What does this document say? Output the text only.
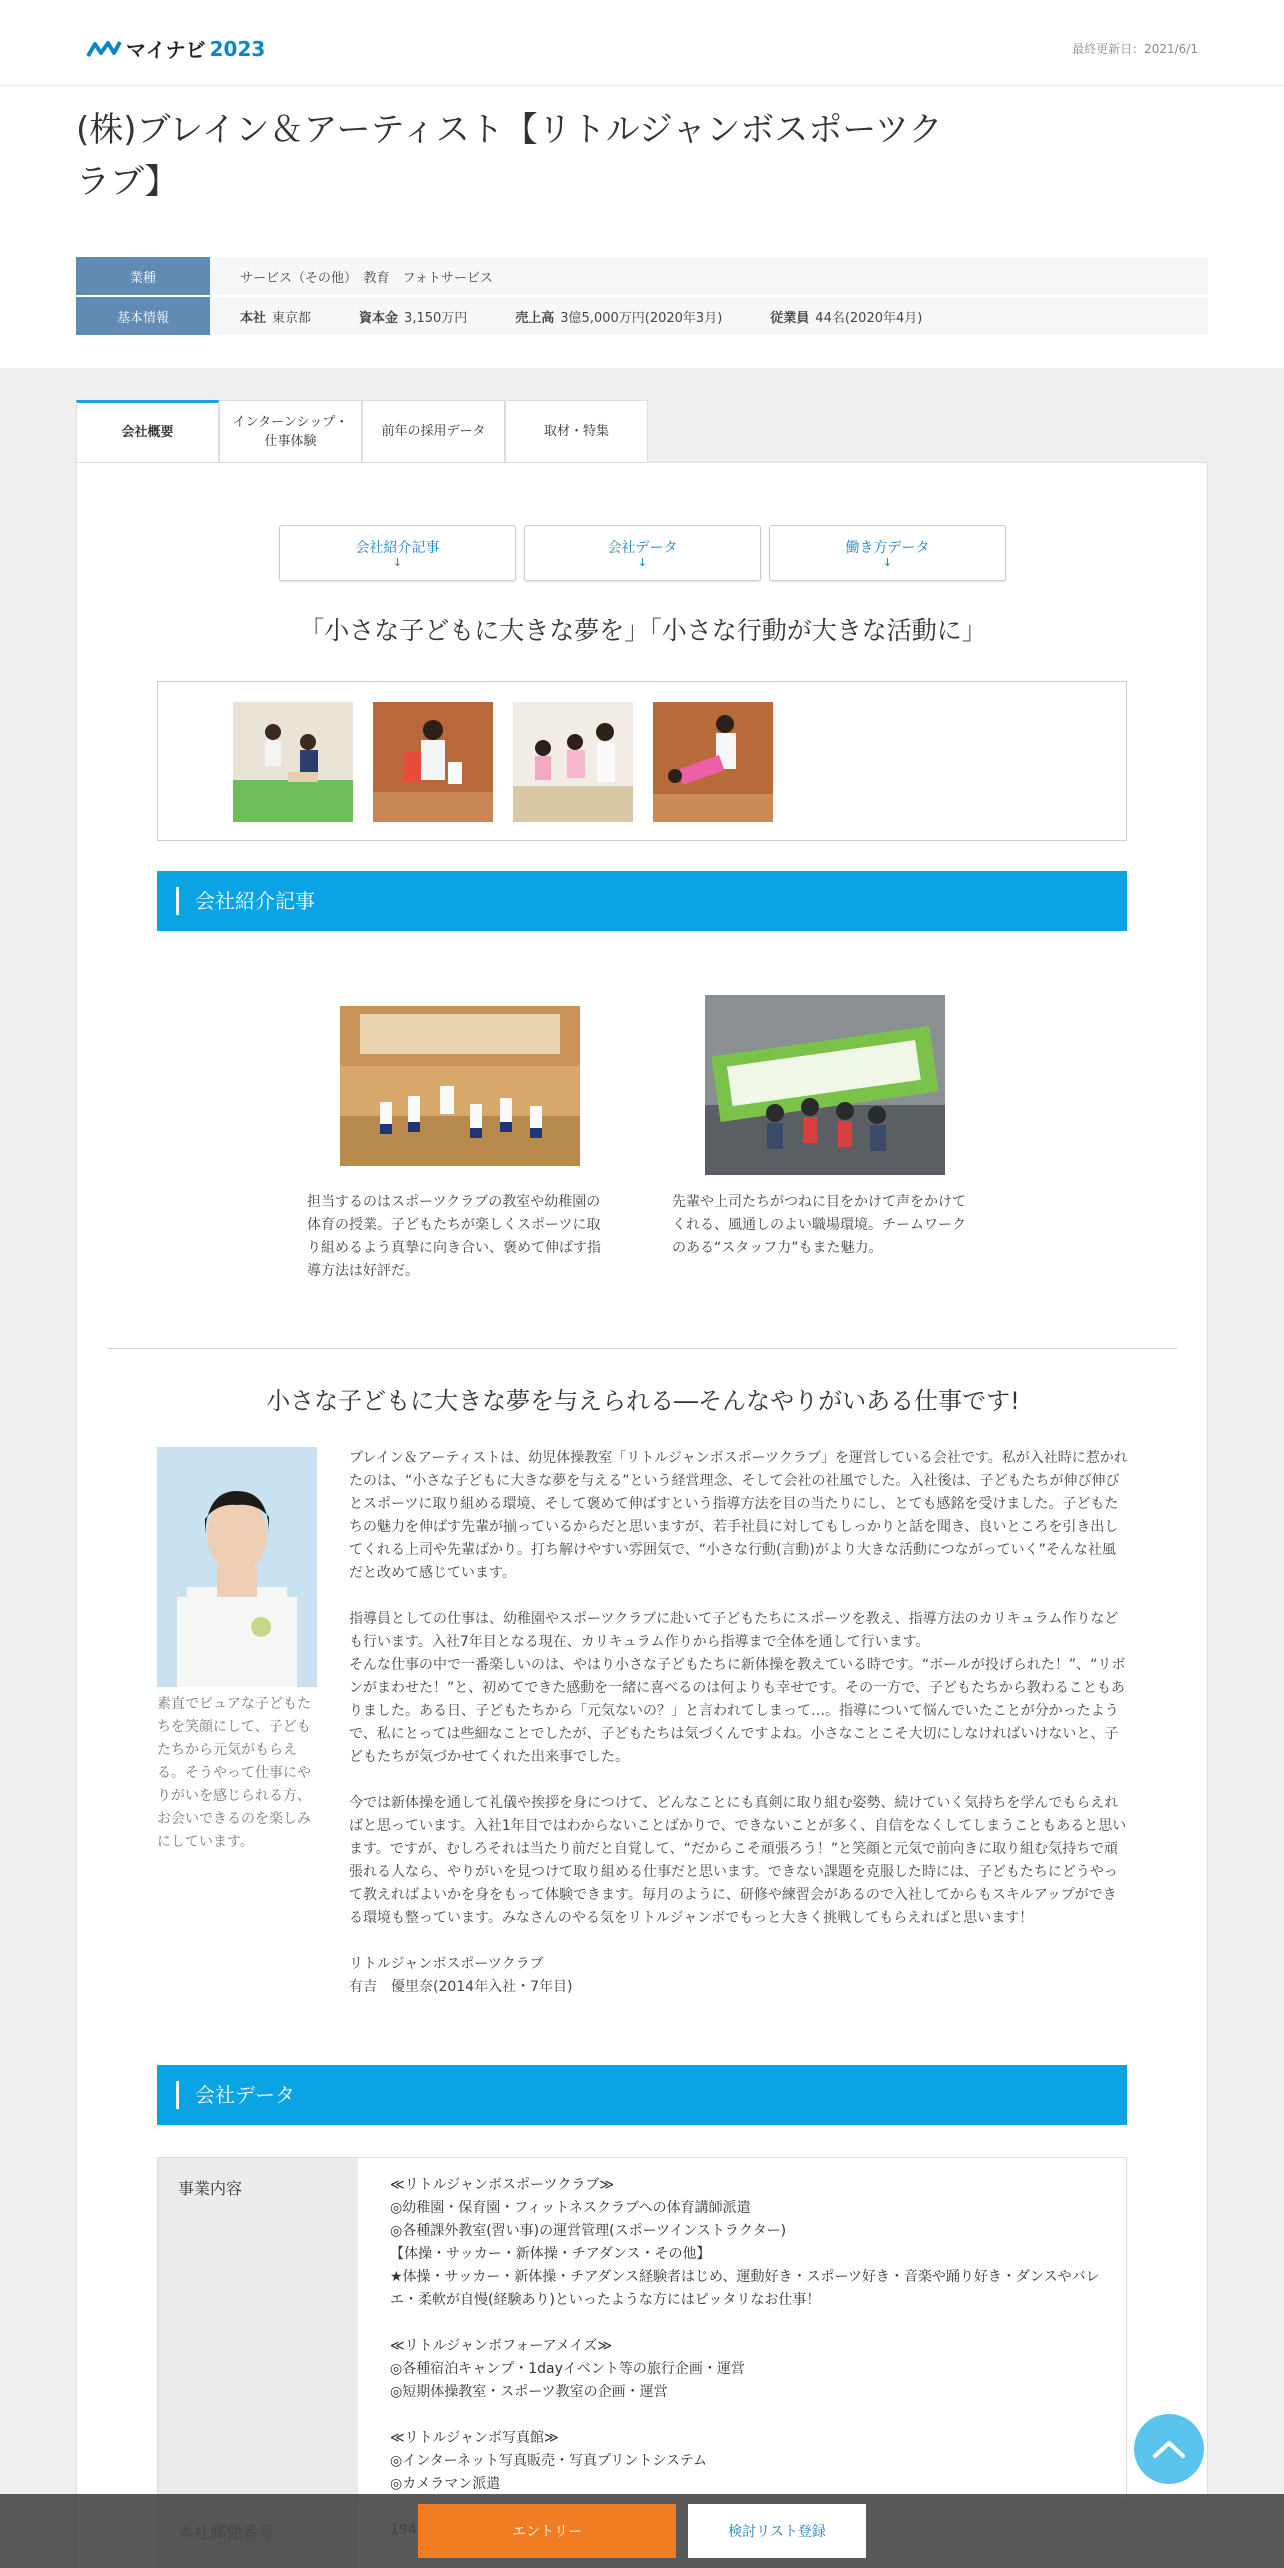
マイナビ 2023	最終更新日：2021/6/1
(株)ブレイン＆アーティスト【リトルジャンボスポーツクラブ】
業種	サービス（その他）　教育　フォトサービス
基本情報	本社 東京都	資本金 3,150万円	売上高 3億5,000万円(2020年3月)	従業員 44名(2020年4月)
会社概要
インターンシップ・
仕事体験
前年の採用データ	取材・特集
会社紹介記事
↓
会社データ
↓
働き方データ
↓
「小さな子どもに大きな夢を」「小さな行動が大きな活動に」
会社紹介記事
担当するのはスポーツクラブの教室や幼稚園の体育の授業。子どもたちが楽しくスポーツに取り組めるよう真摯に向き合い、褒めて伸ばす指導方法は好評だ。
先輩や上司たちがつねに目をかけて声をかけてくれる、風通しのよい職場環境。チームワークのある“スタッフ力”もまた魅力。
小さな子どもに大きな夢を与えられる―そんなやりがいある仕事です!
素直でピュアな子どもたちを笑顔にして、子どもたちから元気がもらえる。そうやって仕事にやりがいを感じられる方、お会いできるのを楽しみにしています。

ブレイン＆アーティストは、幼児体操教室「リトルジャンボスポーツクラブ」を運営している会社です。私が入社時に惹かれたのは、“小さな子どもに大きな夢を与える”という経営理念、そして会社の社風でした。入社後は、子どもたちが伸び伸びとスポーツに取り組める環境、そして褒めて伸ばすという指導方法を目の当たりにし、とても感銘を受けました。子どもたちの魅力を伸ばす先輩が揃っているからだと思いますが、若手社員に対してもしっかりと話を聞き、良いところを引き出してくれる上司や先輩ばかり。打ち解けやすい雰囲気で、“小さな行動(言動)がより大きな活動につながっていく”そんな社風だと改めて感じています。

指導員としての仕事は、幼稚園やスポーツクラブに赴いて子どもたちにスポーツを教え、指導方法のカリキュラム作りなども行います。入社7年目となる現在、カリキュラム作りから指導まで全体を通して行います。
そんな仕事の中で一番楽しいのは、やはり小さな子どもたちに新体操を教えている時です。“ボールが投げられた！”、“リボンがまわせた！”と、初めてできた感動を一緒に喜べるのは何よりも幸せです。その一方で、子どもたちから教わることもありました。ある日、子どもたちから「元気ないの？」と言われてしまって…。指導について悩んでいたことが分かったようで、私にとっては些細なことでしたが、子どもたちは気づくんですよね。小さなことこそ大切にしなければいけないと、子どもたちが気づかせてくれた出来事でした。

今では新体操を通して礼儀や挨拶を身につけて、どんなことにも真剣に取り組む姿勢、続けていく気持ちを学んでもらえればと思っています。入社1年目ではわからないことばかりで、できないことが多く、自信をなくしてしまうこともあると思います。ですが、むしろそれは当たり前だと自覚して、“だからこそ頑張ろう！”と笑顔と元気で前向きに取り組む気持ちで頑張れる人なら、やりがいを見つけて取り組める仕事だと思います。できない課題を克服した時には、子どもたちにどうやって教えればよいかを身をもって体験できます。毎月のように、研修や練習会があるので入社してからもスキルアップができる環境も整っています。みなさんのやる気をリトルジャンボでもっと大きく挑戦してもらえればと思います！

リトルジャンボスポーツクラブ
有吉　優里奈(2014年入社・7年目)

会社データ
事業内容	≪リトルジャンボスポーツクラブ≫
◎幼稚園・保育園・フィットネスクラブへの体育講師派遣
◎各種課外教室(習い事)の運営管理(スポーツインストラクター)
【体操・サッカー・新体操・チアダンス・その他】
★体操・サッカー・新体操・チアダンス経験者はじめ、運動好き・スポーツ好き・音楽や踊り好き・ダンスやバレエ・柔軟が自慢(経験あり)といったような方にはピッタリなお仕事！

≪リトルジャンボフォーアメイズ≫
◎各種宿泊キャンプ・1dayイベント等の旅行企画・運営
◎短期体操教室・スポーツ教室の企画・運営

≪リトルジャンボ写真館≫
◎インターネット写真販売・写真プリントシステム
◎カメラマン派遣
エントリー	検討リスト登録
